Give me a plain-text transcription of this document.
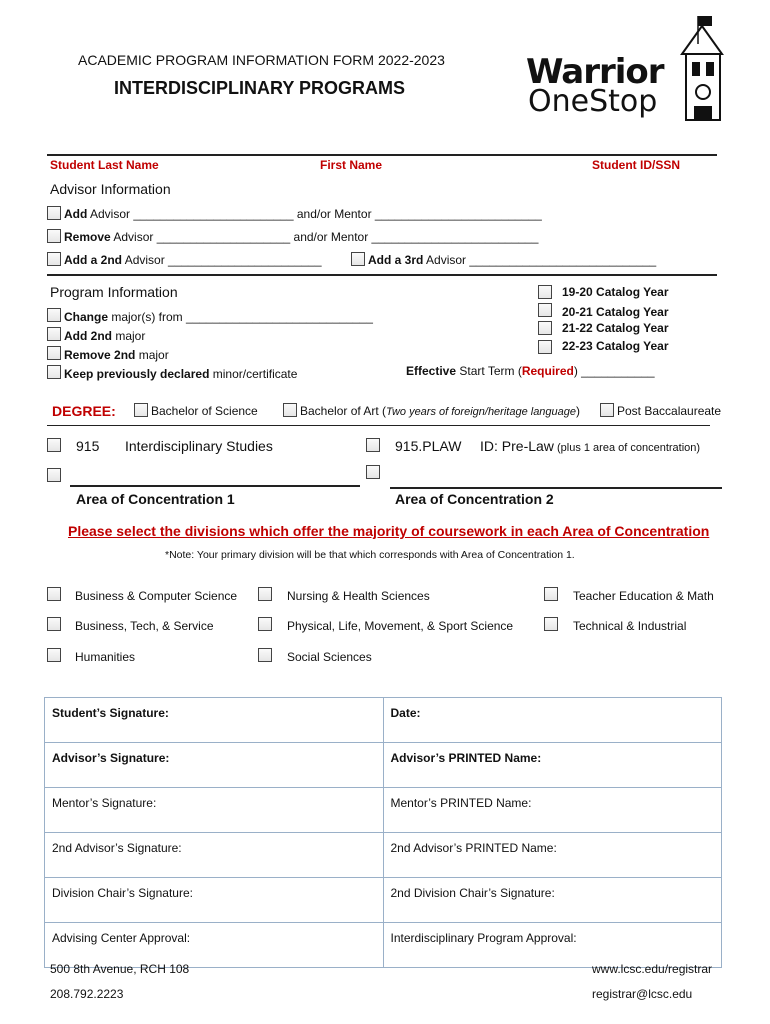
ACADEMIC PROGRAM INFORMATION FORM 2022-2023
INTERDISCIPLINARY PROGRAMS	Warrior
OneStop
Student Last Name	First Name	Student ID/SSN
Advisor Information
Add Advisor ________________________ and/or Mentor _________________________
Remove Advisor ____________________ and/or Mentor _________________________
Add a 2nd Advisor _______________________	Add a 3rd Advisor ____________________________
Program Information
Change major(s) from ____________________________
Add 2nd major
Remove 2nd major
Keep previously declared minor/certificate
19-20 Catalog Year
20-21 Catalog Year
21-22 Catalog Year
22-23 Catalog Year
Effective Start Term (Required) ___________
DEGREE:	Bachelor of Science	Bachelor of Art (Two years of foreign/heritage language)	Post Baccalaureate
915 Interdisciplinary Studies	915.PLAW ID: Pre-Law (plus 1 area of concentration)
Area of Concentration 1	Area of Concentration 2
Please select the divisions which offer the majority of coursework in each Area of Concentration
*Note: Your primary division will be that which corresponds with Area of Concentration 1.
Business & Computer Science	Nursing & Health Sciences	Teacher Education & Math
Business, Tech, & Service	Physical, Life, Movement, & Sport Science	Technical & Industrial
Humanities	Social Sciences
Student’s Signature:	Date:
Advisor’s Signature:	Advisor’s PRINTED Name:
Mentor’s Signature:	Mentor’s PRINTED Name:
2nd Advisor’s Signature:	2nd Advisor’s PRINTED Name:
Division Chair’s Signature:	2nd Division Chair’s Signature:
Advising Center Approval:	Interdisciplinary Program Approval:
500 8th Avenue, RCH 108
208.792.2223
www.lcsc.edu/registrar
registrar@lcsc.edu
